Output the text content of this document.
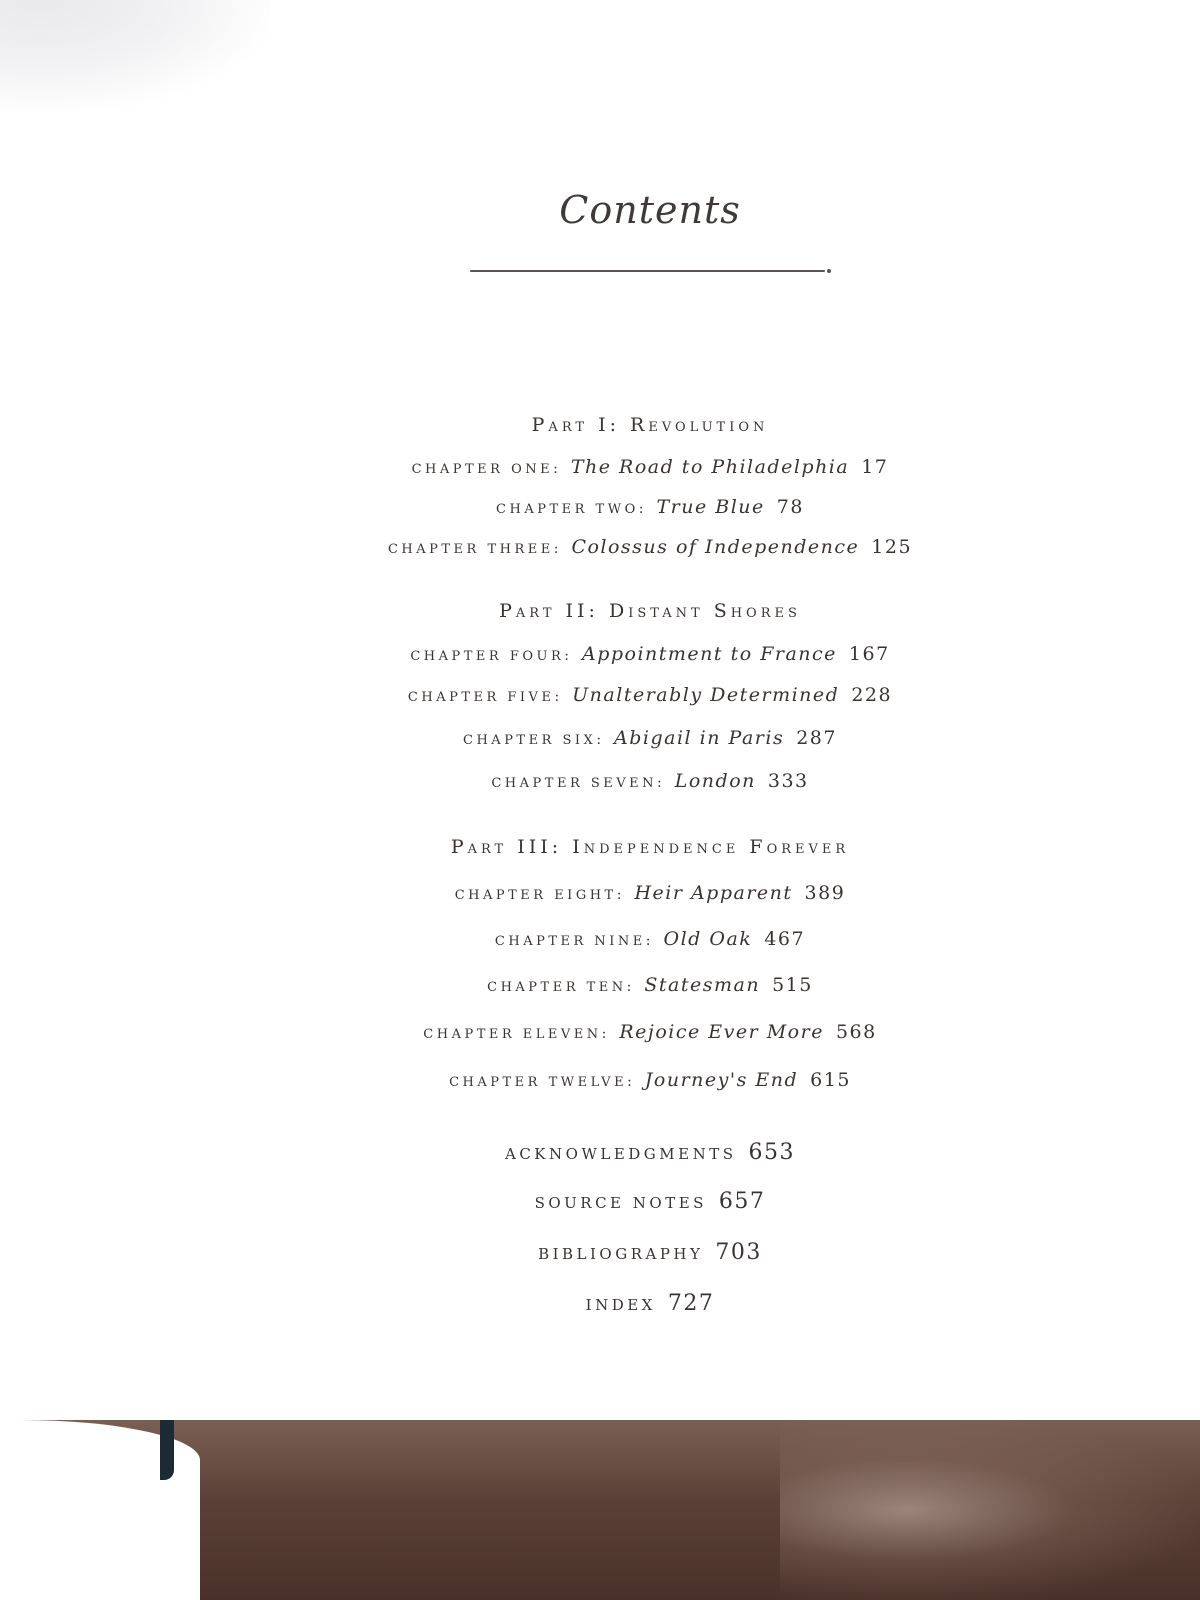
Contents
Part I: Revolution
CHAPTER ONE: The Road to Philadelphia 17
CHAPTER TWO: True Blue 78
CHAPTER THREE: Colossus of Independence 125
Part II: Distant Shores
CHAPTER FOUR: Appointment to France 167
CHAPTER FIVE: Unalterably Determined 228
CHAPTER SIX: Abigail in Paris 287
CHAPTER SEVEN: London 333
Part III: Independence Forever
CHAPTER EIGHT: Heir Apparent 389
CHAPTER NINE: Old Oak 467
CHAPTER TEN: Statesman 515
CHAPTER ELEVEN: Rejoice Ever More 568
CHAPTER TWELVE: Journey's End 615
ACKNOWLEDGMENTS 653
SOURCE NOTES 657
BIBLIOGRAPHY 703
INDEX 727
